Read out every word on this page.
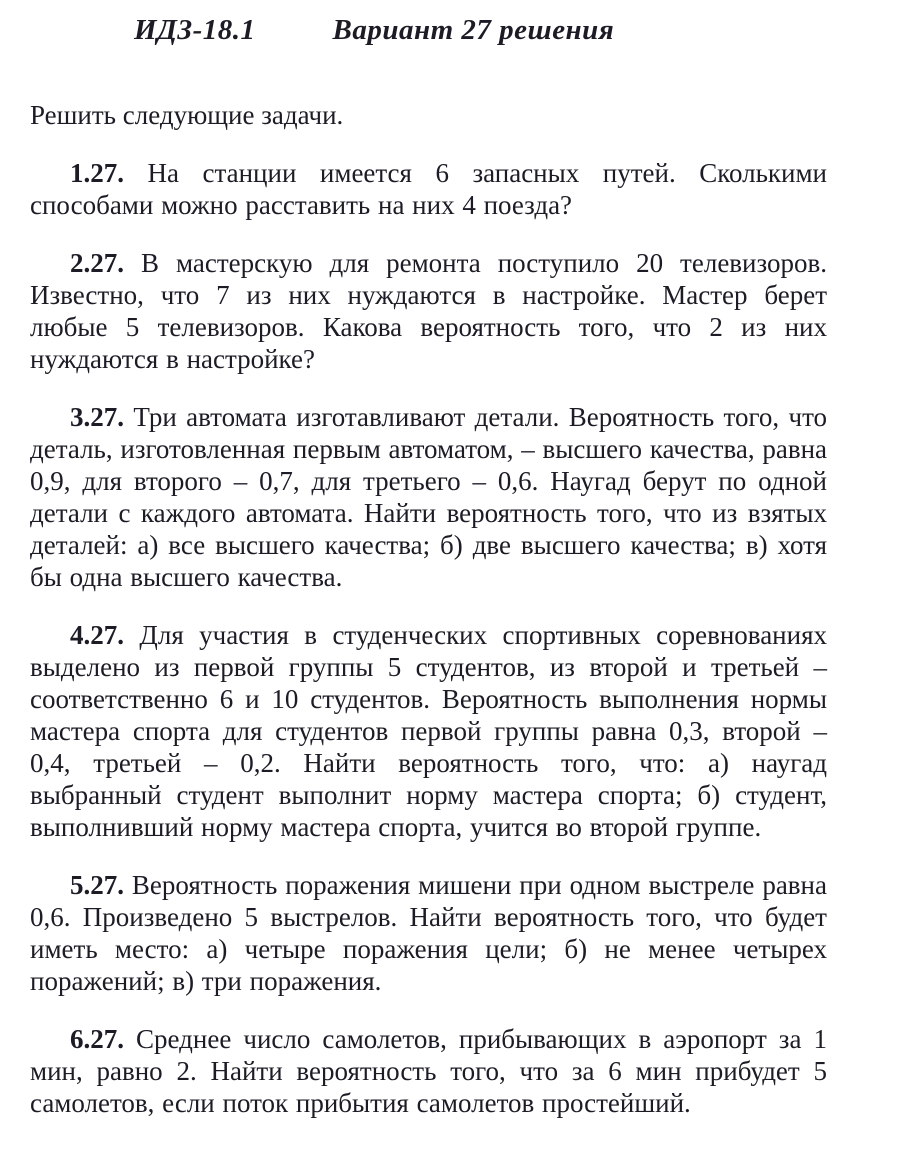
ИДЗ-18.1	Вариант 27 решения

Решить следующие задачи.

1.27. На станции имеется 6 запасных путей. Сколькими способами можно расставить на них 4 поезда?

2.27. В мастерскую для ремонта поступило 20 телевизоров. Известно, что 7 из них нуждаются в настройке. Мастер берет любые 5 телевизоров. Какова вероятность того, что 2 из них нуждаются в настройке?

3.27. Три автомата изготавливают детали. Вероятность того, что деталь, изготовленная первым автоматом, – высшего качества, равна 0,9, для второго – 0,7, для третьего – 0,6. Наугад берут по одной детали с каждого автомата. Найти вероятность того, что из взятых деталей: а) все высшего качества; б) две высшего качества; в) хотя бы одна высшего качества.

4.27. Для участия в студенческих спортивных соревнованиях выделено из первой группы 5 студентов, из второй и третьей – соответственно 6 и 10 студентов. Вероятность выполнения нормы мастера спорта для студентов первой группы равна 0,3, второй – 0,4, третьей – 0,2. Найти вероятность того, что: а) наугад выбранный студент выполнит норму мастера спорта; б) студент, выполнивший норму мастера спорта, учится во второй группе.

5.27. Вероятность поражения мишени при одном выстреле равна 0,6. Произведено 5 выстрелов. Найти вероятность того, что будет иметь место: а) четыре поражения цели; б) не менее четырех поражений; в) три поражения.

6.27. Среднее число самолетов, прибывающих в аэропорт за 1 мин, равно 2. Найти вероятность того, что за 6 мин прибудет 5 самолетов, если поток прибытия самолетов простейший.
